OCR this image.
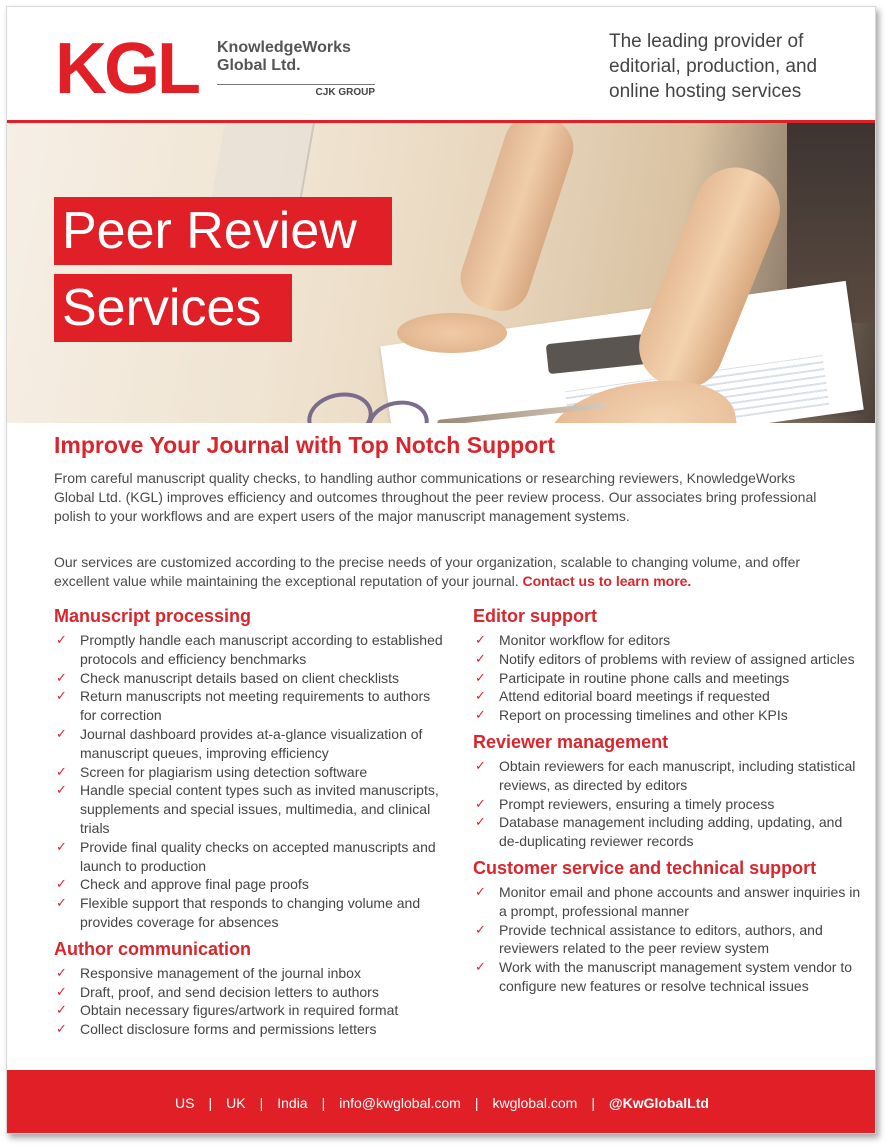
KGL KnowledgeWorks Global Ltd.
CJK GROUP
The leading provider of editorial, production, and online hosting services
Peer Review
Services
Improve Your Journal with Top Notch Support
From careful manuscript quality checks, to handling author communications or researching reviewers, KnowledgeWorks Global Ltd. (KGL) improves efficiency and outcomes throughout the peer review process. Our associates bring professional polish to your workflows and are expert users of the major manuscript management systems.
Our services are customized according to the precise needs of your organization, scalable to changing volume, and offer excellent value while maintaining the exceptional reputation of your journal. Contact us to learn more.
Manuscript processing
✓ Promptly handle each manuscript according to established protocols and efficiency benchmarks
✓ Check manuscript details based on client checklists
✓ Return manuscripts not meeting requirements to authors for correction
✓ Journal dashboard provides at-a-glance visualization of manuscript queues, improving efficiency
✓ Screen for plagiarism using detection software
✓ Handle special content types such as invited manuscripts, supplements and special issues, multimedia, and clinical trials
✓ Provide final quality checks on accepted manuscripts and launch to production
✓ Check and approve final page proofs
✓ Flexible support that responds to changing volume and provides coverage for absences
Author communication
✓ Responsive management of the journal inbox
✓ Draft, proof, and send decision letters to authors
✓ Obtain necessary figures/artwork in required format
✓ Collect disclosure forms and permissions letters
Editor support
✓ Monitor workflow for editors
✓ Notify editors of problems with review of assigned articles
✓ Participate in routine phone calls and meetings
✓ Attend editorial board meetings if requested
✓ Report on processing timelines and other KPIs
Reviewer management
✓ Obtain reviewers for each manuscript, including statistical reviews, as directed by editors
✓ Prompt reviewers, ensuring a timely process
✓ Database management including adding, updating, and de-duplicating reviewer records
Customer service and technical support
✓ Monitor email and phone accounts and answer inquiries in a prompt, professional manner
✓ Provide technical assistance to editors, authors, and reviewers related to the peer review system
✓ Work with the manuscript management system vendor to configure new features or resolve technical issues
US | UK | India | info@kwglobal.com | kwglobal.com | @KwGlobalLtd
